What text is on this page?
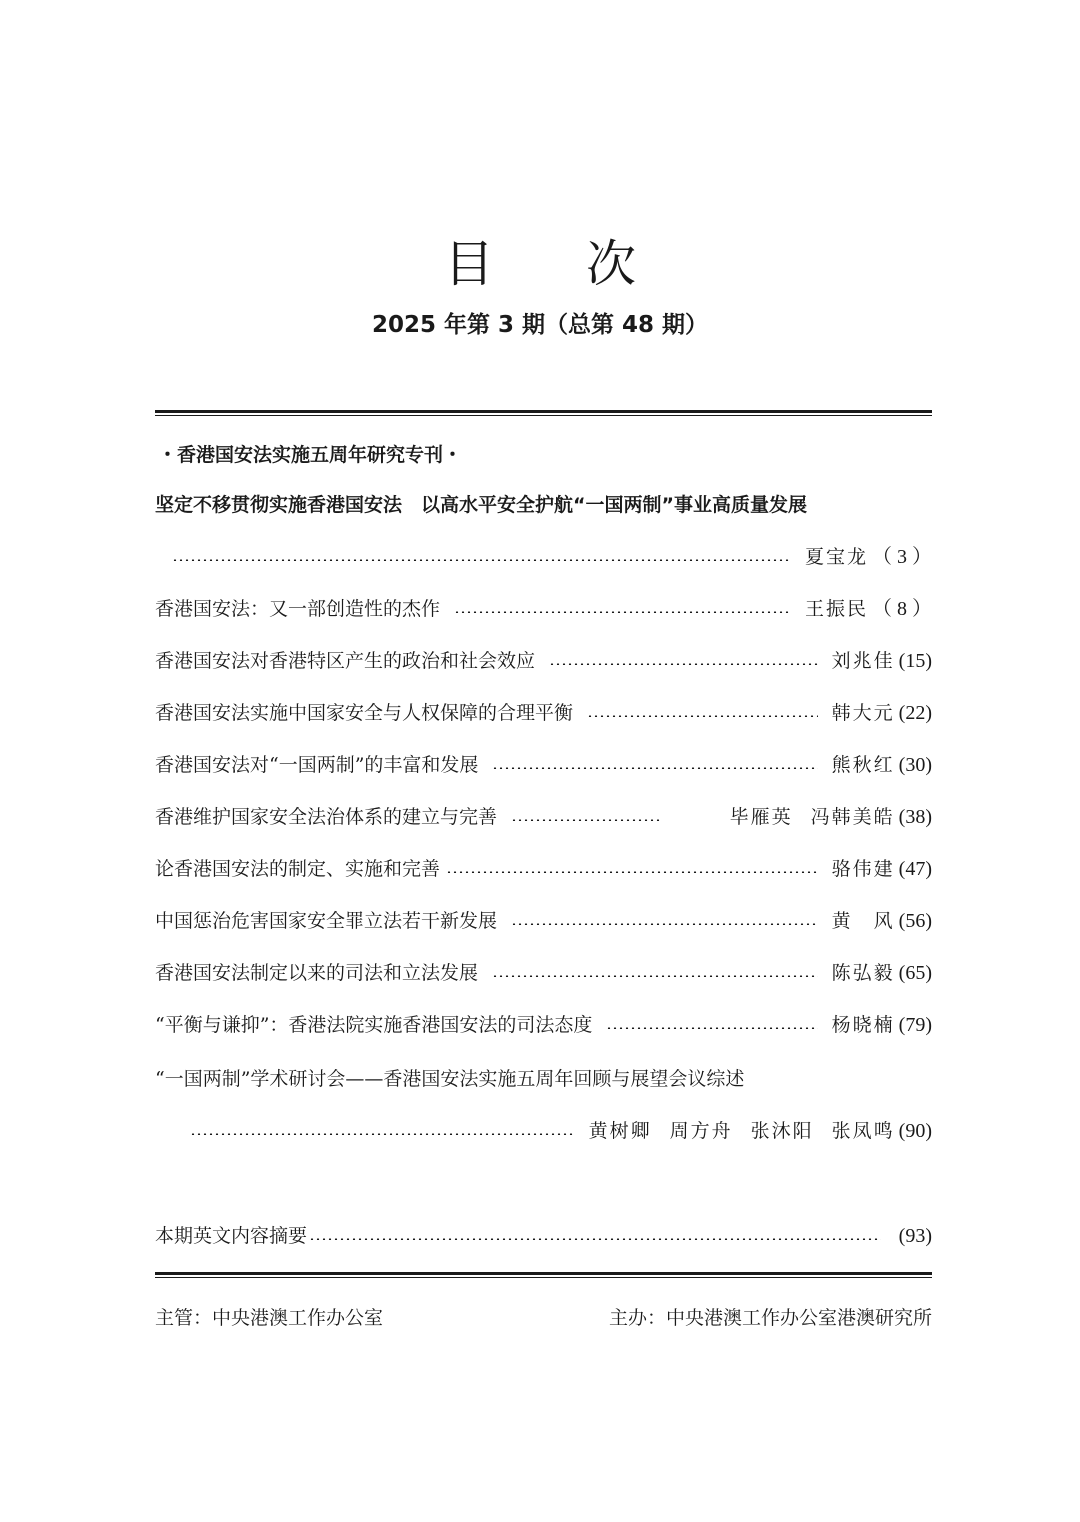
目次
2025 年第 3 期（总第 48 期）
・香港国安法实施五周年研究专刊・
坚定不移贯彻实施香港国安法　以高水平安全护航“一国两制”事业高质量发展
夏宝龙 （ 3 ）
香港国安法：又一部创造性的杰作	王振民 （ 8 ）
香港国安法对香港特区产生的政治和社会效应	刘兆佳 (15)
香港国安法实施中国家安全与人权保障的合理平衡	韩大元 (22)
香港国安法对“一国两制”的丰富和发展	熊秋红 (30)
香港维护国家安全法治体系的建立与完善	毕雁英 冯韩美皓 (38)
论香港国安法的制定、实施和完善	骆伟建 (47)
中国惩治危害国家安全罪立法若干新发展	黄　风 (56)
香港国安法制定以来的司法和立法发展	陈弘毅 (65)
“平衡与谦抑”：香港法院实施香港国安法的司法态度	杨晓楠 (79)
“一国两制”学术研讨会——香港国安法实施五周年回顾与展望会议综述
黄树卿 周方舟 张沐阳 张凤鸣 (90)
本期英文内容摘要	(93)
主管：中央港澳工作办公室	主办：中央港澳工作办公室港澳研究所
